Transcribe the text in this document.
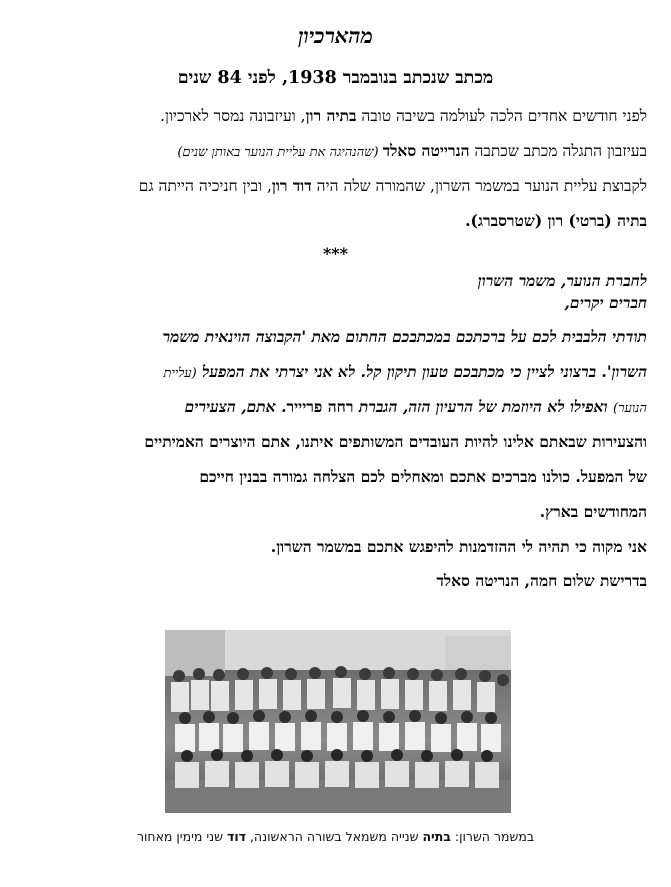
מהארכיון
מכתב שנכתב בנובמבר 1938, לפני 84 שנים
לפני חודשים אחדים הלכה לעולמה בשיבה טובה בתיה רון, ועיזבונה נמסר לארכיון.
בעיזבון התגלה מכתב שכתבה הנרייטה סאלד (שהנהיגה את עליית הנוער באותן שנים)
לקבוצת עליית הנוער במשמר השרון, שהמורה שלה היה דוד רון, ובין חניכיה הייתה גם
בתיה (ברטי) רון (שטרסברג).
***
לחברת הנוער, משמר השרון
חברים יקרים,
תודתי הלבבית לכם על ברכתכם במכתבכם החתום מאת 'הקבוצה הוינאית משמר
השרון'. ברצוני לציין כי מכתבכם טעון תיקון קל. לא אני יצרתי את המפעל (עליית
הנוער) ואפילו לא היוזמת של הרעיון הזה, הגברת רחה פריייר. אתם, הצעירים
והצעירות שבאתם אלינו להיות העובדים המשותפים איתנו, אתם היוצרים האמיתיים
של המפעל. כולנו מברכים אתכם ומאחלים לכם הצלחה גמורה בבנין חייכם
המחודשים בארץ.
אני מקוה כי תהיה לי ההזדמנות להיפגש אתכם במשמר השרון.
בדרישת שלום חמה, הנריטה סאלד
במשמר השרון: בתיה שנייה משמאל בשורה הראשונה, דוד שני מימין מאחור
